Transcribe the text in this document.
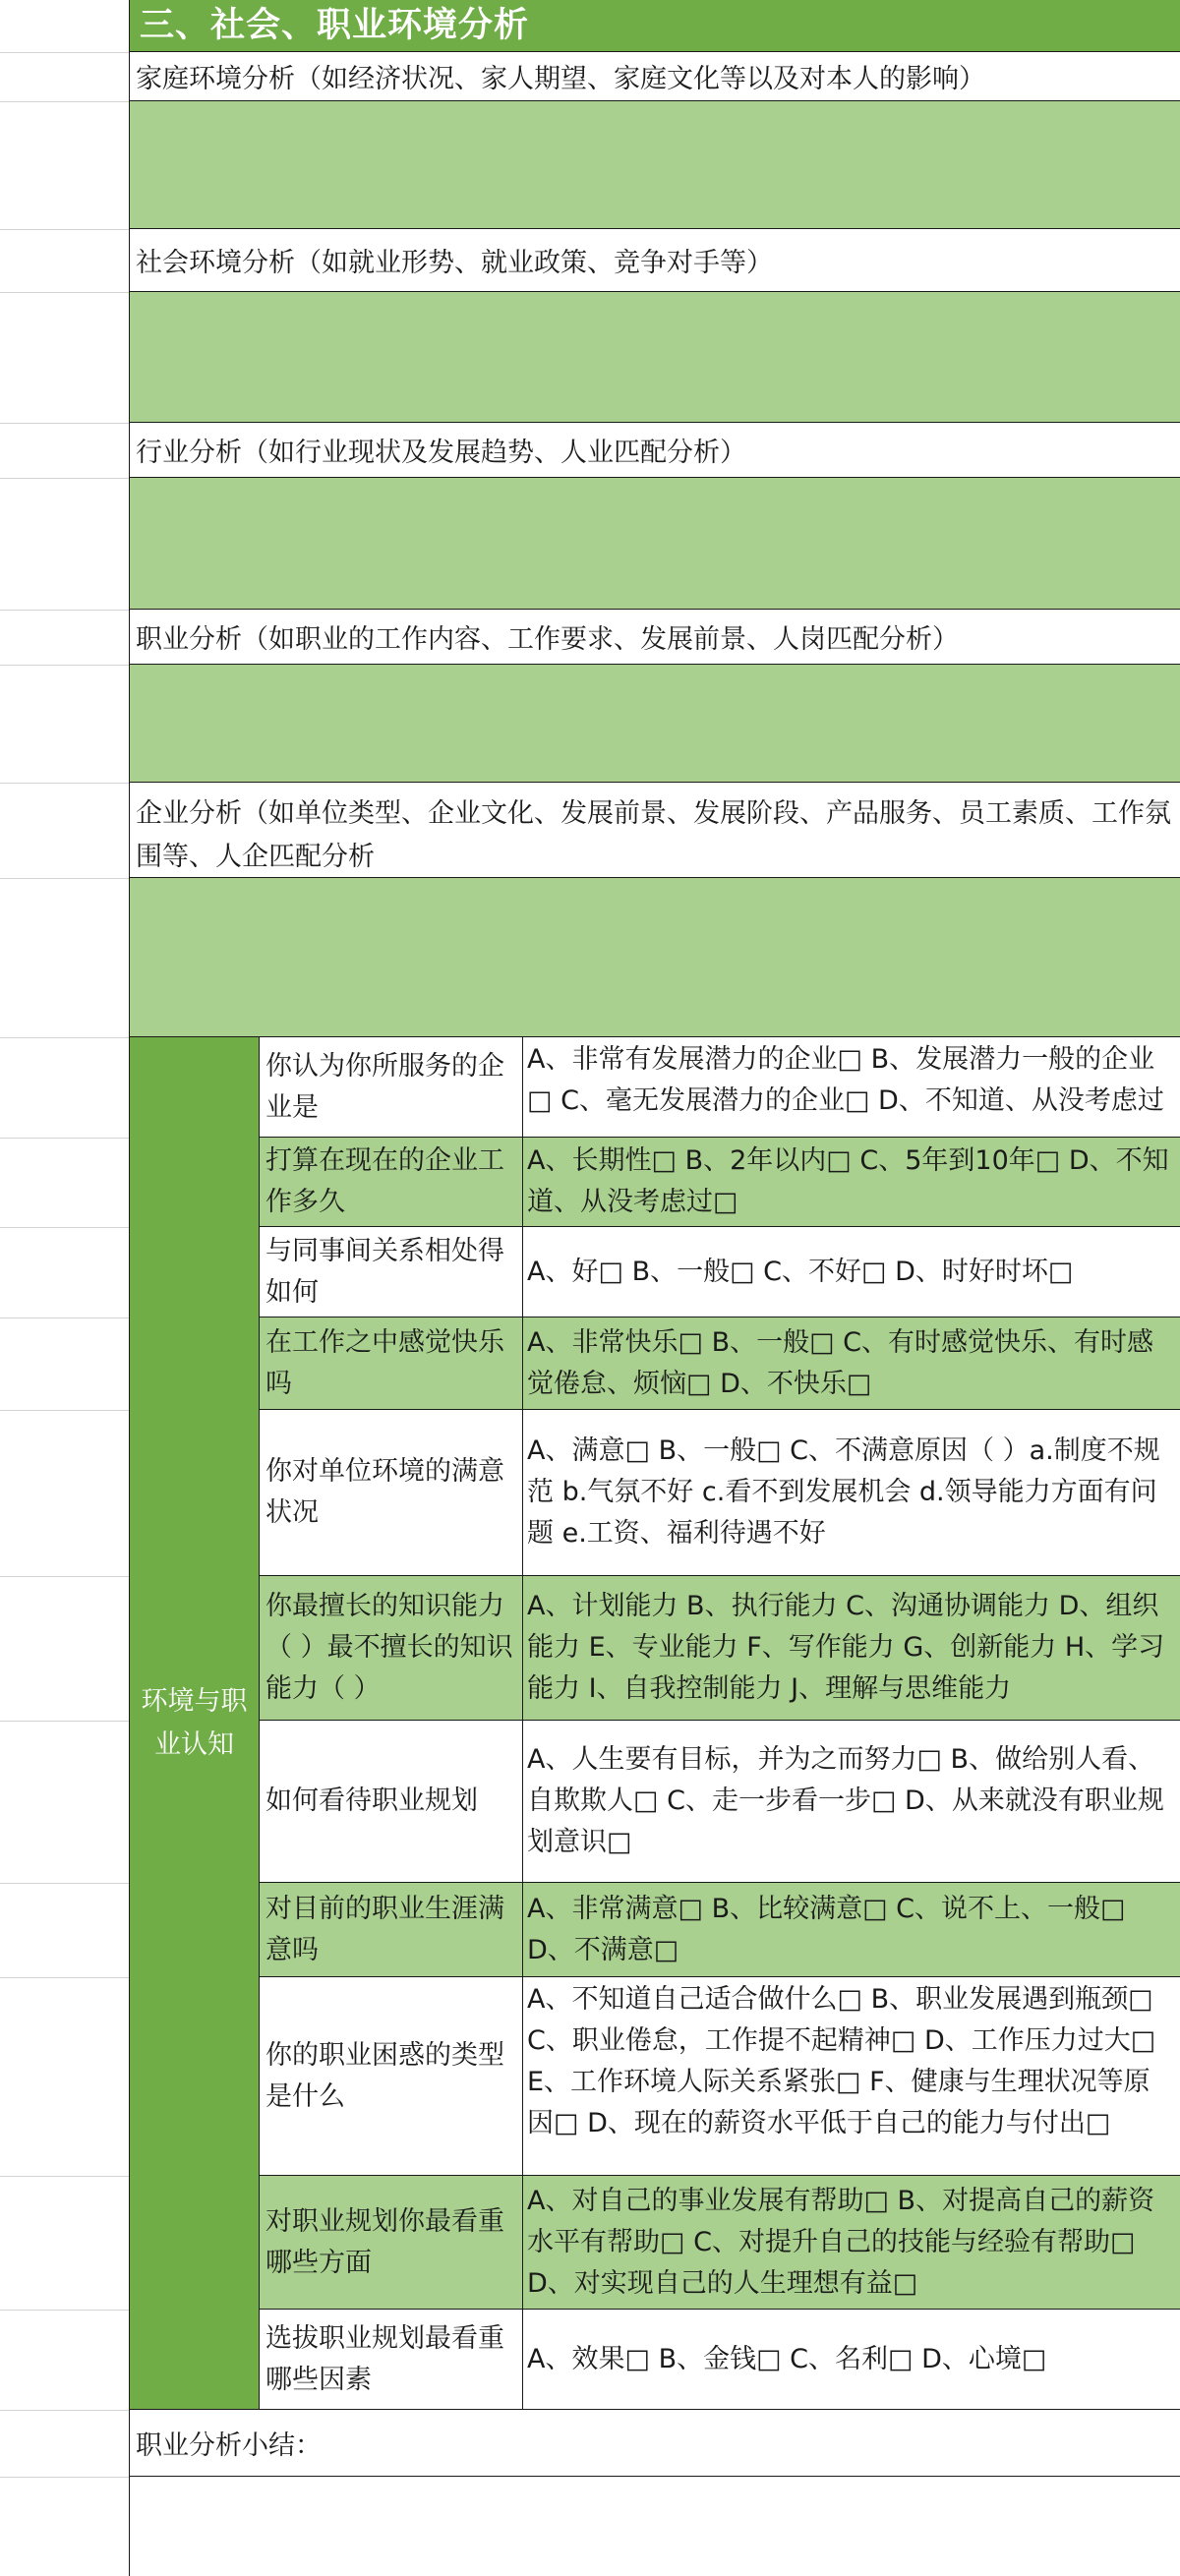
三、社会、职业环境分析
家庭环境分析（如经济状况、家人期望、家庭文化等以及对本人的影响）
社会环境分析（如就业形势、就业政策、竞争对手等）
行业分析（如行业现状及发展趋势、人业匹配分析）
职业分析（如职业的工作内容、工作要求、发展前景、人岗匹配分析）
企业分析（如单位类型、企业文化、发展前景、发展阶段、产品服务、员工素质、工作氛围等、人企匹配分析
环境与职业认知
你认为你所服务的企业是
A、非常有发展潜力的企业□ B、发展潜力一般的企业□ C、毫无发展潜力的企业□ D、不知道、从没考虑过
打算在现在的企业工作多久
A、长期性□ B、2年以内□ C、5年到10年□ D、不知道、从没考虑过□
与同事间关系相处得如何
A、好□ B、一般□ C、不好□ D、时好时坏□
在工作之中感觉快乐吗
A、非常快乐□ B、一般□ C、有时感觉快乐、有时感觉倦怠、烦恼□ D、不快乐□
你对单位环境的满意状况
A、满意□ B、一般□ C、不满意原因（ ）a.制度不规范 b.气氛不好 c.看不到发展机会 d.领导能力方面有问题 e.工资、福利待遇不好
你最擅长的知识能力（ ）最不擅长的知识能力（ ）
A、计划能力 B、执行能力 C、沟通协调能力 D、组织能力 E、专业能力 F、写作能力 G、创新能力 H、学习能力 I、自我控制能力 J、理解与思维能力
如何看待职业规划
A、人生要有目标，并为之而努力□ B、做给别人看、自欺欺人□ C、走一步看一步□ D、从来就没有职业规划意识□
对目前的职业生涯满意吗
A、非常满意□ B、比较满意□ C、说不上、一般□ D、不满意□
你的职业困惑的类型是什么
A、不知道自己适合做什么□ B、职业发展遇到瓶颈□ C、职业倦怠，工作提不起精神□ D、工作压力过大□ E、工作环境人际关系紧张□ F、健康与生理状况等原因□ D、现在的薪资水平低于自己的能力与付出□
对职业规划你最看重哪些方面
A、对自己的事业发展有帮助□ B、对提高自己的薪资水平有帮助□ C、对提升自己的技能与经验有帮助□ D、对实现自己的人生理想有益□
选拔职业规划最看重哪些因素
A、效果□ B、金钱□ C、名利□ D、心境□
职业分析小结：
